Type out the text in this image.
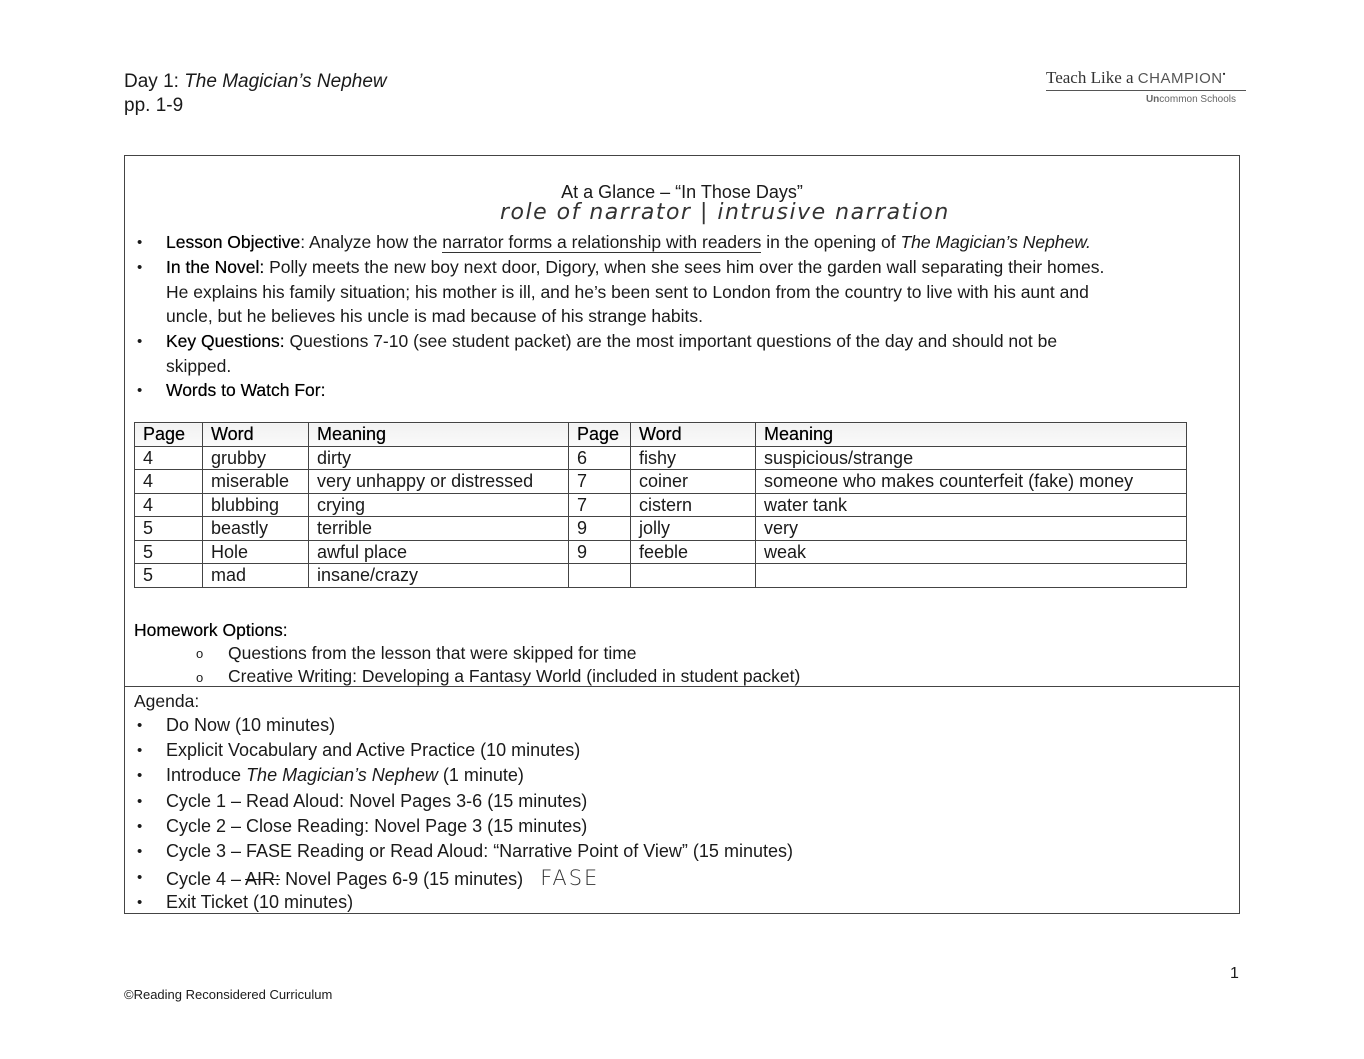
Day 1: The Magician’s Nephew
pp. 1-9
Teach Like a CHAMPION•
Uncommon Schools
At a Glance – “In Those Days”
role of narrator | intrusive narration
• Lesson Objective: Analyze how the narrator forms a relationship with readers in the opening of The Magician’s Nephew.
• In the Novel: Polly meets the new boy next door, Digory, when she sees him over the garden wall separating their homes.
He explains his family situation; his mother is ill, and he’s been sent to London from the country to live with his aunt and
uncle, but he believes his uncle is mad because of his strange habits.
• Key Questions: Questions 7-10 (see student packet) are the most important questions of the day and should not be
skipped.
• Words to Watch For:
Page	Word	Meaning	Page	Word	Meaning
4	grubby	dirty	6	fishy	suspicious/strange
4	miserable	very unhappy or distressed	7	coiner	someone who makes counterfeit (fake) money
4	blubbing	crying	7	cistern	water tank
5	beastly	terrible	9	jolly	very
5	Hole	awful place	9	feeble	weak
5	mad	insane/crazy			
Homework Options:
o Questions from the lesson that were skipped for time
o Creative Writing: Developing a Fantasy World (included in student packet)
Agenda:
• Do Now (10 minutes)
• Explicit Vocabulary and Active Practice (10 minutes)
• Introduce The Magician’s Nephew (1 minute)
• Cycle 1 – Read Aloud: Novel Pages 3-6 (15 minutes)
• Cycle 2 – Close Reading: Novel Page 3 (15 minutes)
• Cycle 3 – FASE Reading or Read Aloud: “Narrative Point of View” (15 minutes)
• Cycle 4 – AIR: Novel Pages 6-9 (15 minutes) FASE
• Exit Ticket (10 minutes)
©Reading Reconsidered Curriculum
1
